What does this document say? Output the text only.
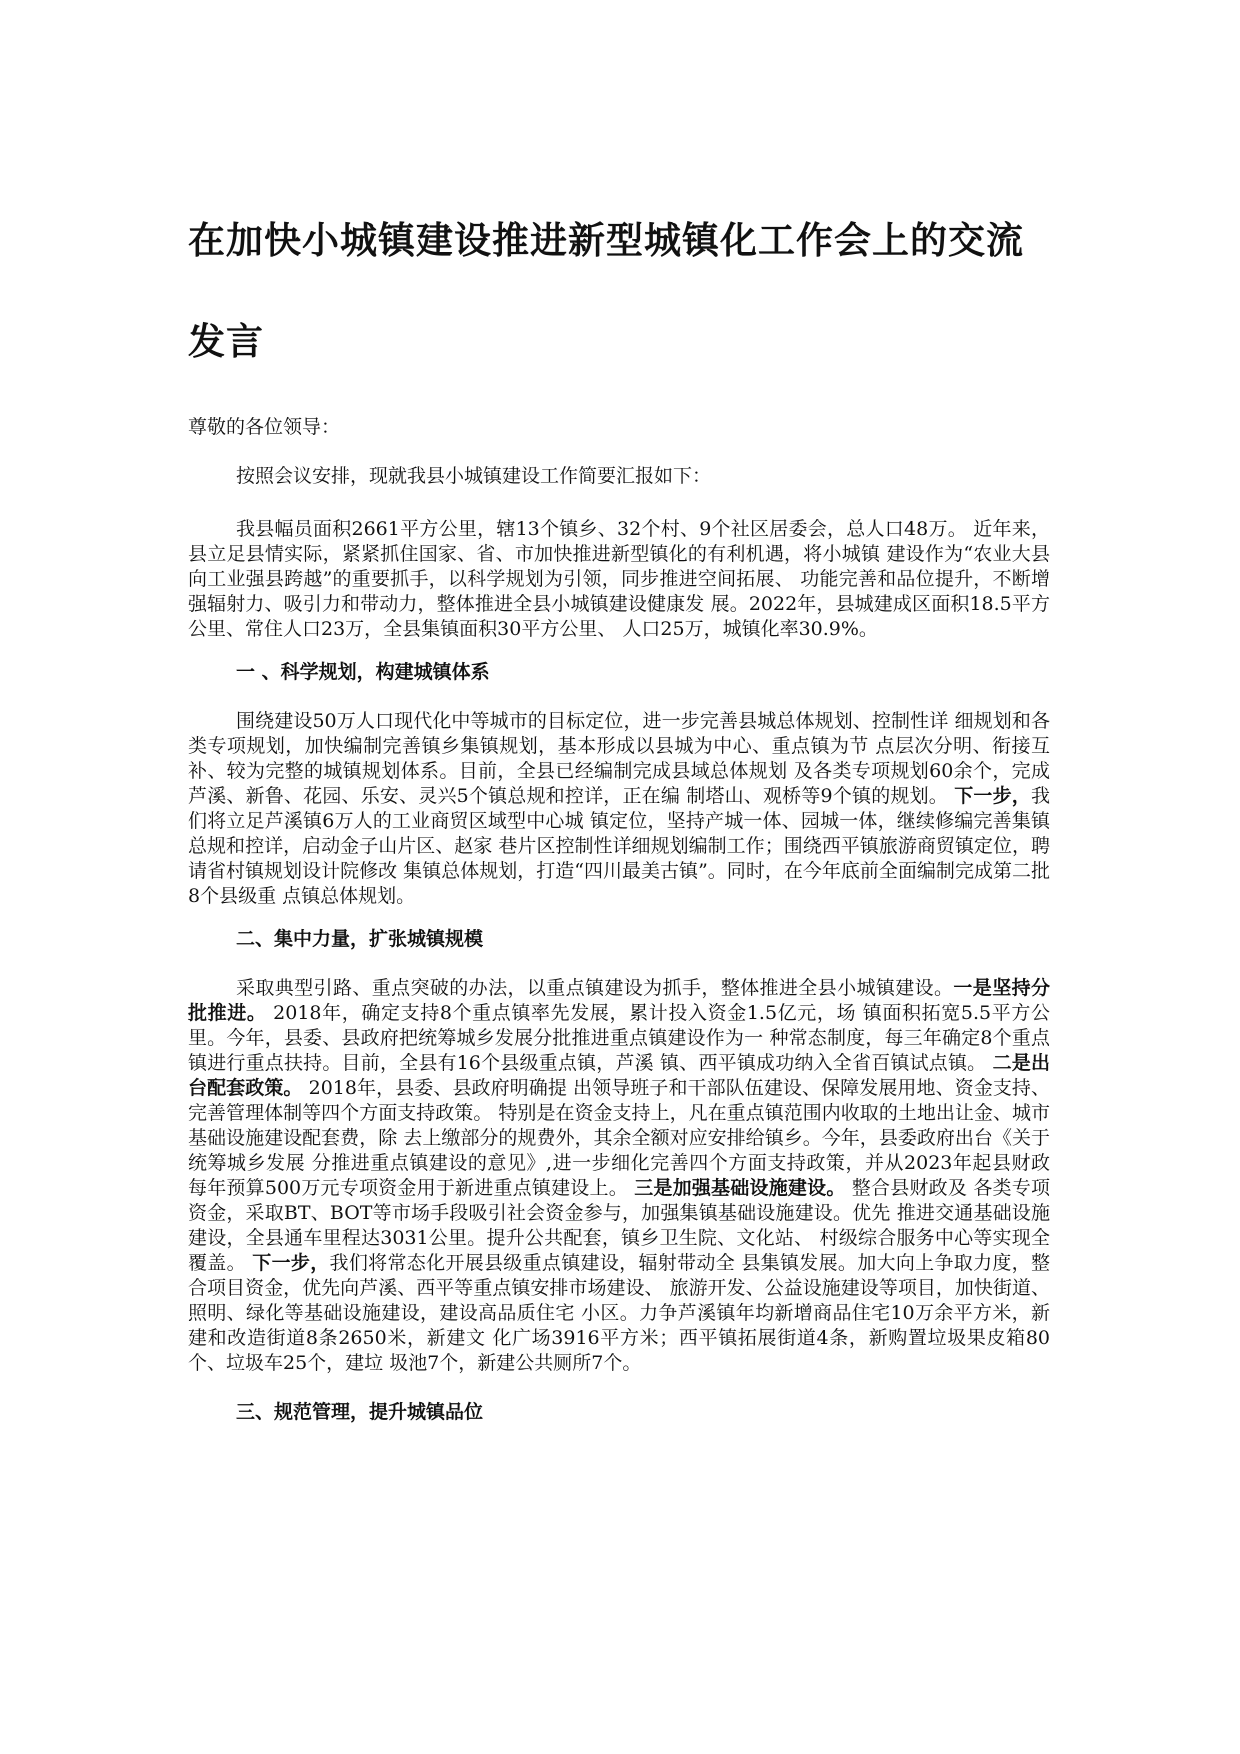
在加快小城镇建设推进新型城镇化工作会上的交流
发言
尊敬的各位领导：

按照会议安排，现就我县小城镇建设工作简要汇报如下：

我县幅员面积2661平方公里，辖13个镇乡、32个村、9个社区居委会，总人口48万。 近年来，县立足县情实际，紧紧抓住国家、省、市加快推进新型镇化的有利机遇，将小城镇 建设作为“农业大县向工业强县跨越”的重要抓手，以科学规划为引领，同步推进空间拓展、 功能完善和品位提升，不断增强辐射力、吸引力和带动力，整体推进全县小城镇建设健康发 展。2022年，县城建成区面积18.5平方公里、常住人口23万，全县集镇面积30平方公里、 人口25万，城镇化率30.9%。

一 、科学规划，构建城镇体系

围绕建设50万人口现代化中等城市的目标定位，进一步完善县城总体规划、控制性详 细规划和各类专项规划，加快编制完善镇乡集镇规划，基本形成以县城为中心、重点镇为节 点层次分明、衔接互补、较为完整的城镇规划体系。目前，全县已经编制完成县域总体规划 及各类专项规划60余个，完成芦溪、新鲁、花园、乐安、灵兴5个镇总规和控详，正在编 制塔山、观桥等9个镇的规划。 下一步，我们将立足芦溪镇6万人的工业商贸区域型中心城 镇定位，坚持产城一体、园城一体，继续修编完善集镇总规和控详，启动金子山片区、赵家 巷片区控制性详细规划编制工作；围绕西平镇旅游商贸镇定位，聘请省村镇规划设计院修改 集镇总体规划，打造“四川最美古镇”。同时，在今年底前全面编制完成第二批8个县级重 点镇总体规划。

二、集中力量，扩张城镇规模

采取典型引路、重点突破的办法，以重点镇建设为抓手，整体推进全县小城镇建设。一是坚持分批推进。 2018年，确定支持8个重点镇率先发展，累计投入资金1.5亿元，场 镇面积拓宽5.5平方公里。今年，县委、县政府把统筹城乡发展分批推进重点镇建设作为一 种常态制度，每三年确定8个重点镇进行重点扶持。目前，全县有16个县级重点镇，芦溪 镇、西平镇成功纳入全省百镇试点镇。 二是出台配套政策。 2018年，县委、县政府明确提 出领导班子和干部队伍建设、保障发展用地、资金支持、完善管理体制等四个方面支持政策。 特别是在资金支持上，凡在重点镇范围内收取的土地出让金、城市基础设施建设配套费，除 去上缴部分的规费外，其余全额对应安排给镇乡。今年，县委政府出台《关于统筹城乡发展 分推进重点镇建设的意见》,进一步细化完善四个方面支持政策，并从2023年起县财政 每年预算500万元专项资金用于新进重点镇建设上。 三是加强基础设施建设。 整合县财政及 各类专项资金，采取BT、BOT等市场手段吸引社会资金参与，加强集镇基础设施建设。优先 推进交通基础设施建设，全县通车里程达3031公里。提升公共配套，镇乡卫生院、文化站、 村级综合服务中心等实现全覆盖。 下一步，我们将常态化开展县级重点镇建设，辐射带动全 县集镇发展。加大向上争取力度，整合项目资金，优先向芦溪、西平等重点镇安排市场建设、 旅游开发、公益设施建设等项目，加快街道、照明、绿化等基础设施建设，建设高品质住宅 小区。力争芦溪镇年均新增商品住宅10万余平方米，新建和改造街道8条2650米，新建文 化广场3916平方米；西平镇拓展街道4条，新购置垃圾果皮箱80个、垃圾车25个，建垃 圾池7个，新建公共厕所7个。

三、规范管理，提升城镇品位
